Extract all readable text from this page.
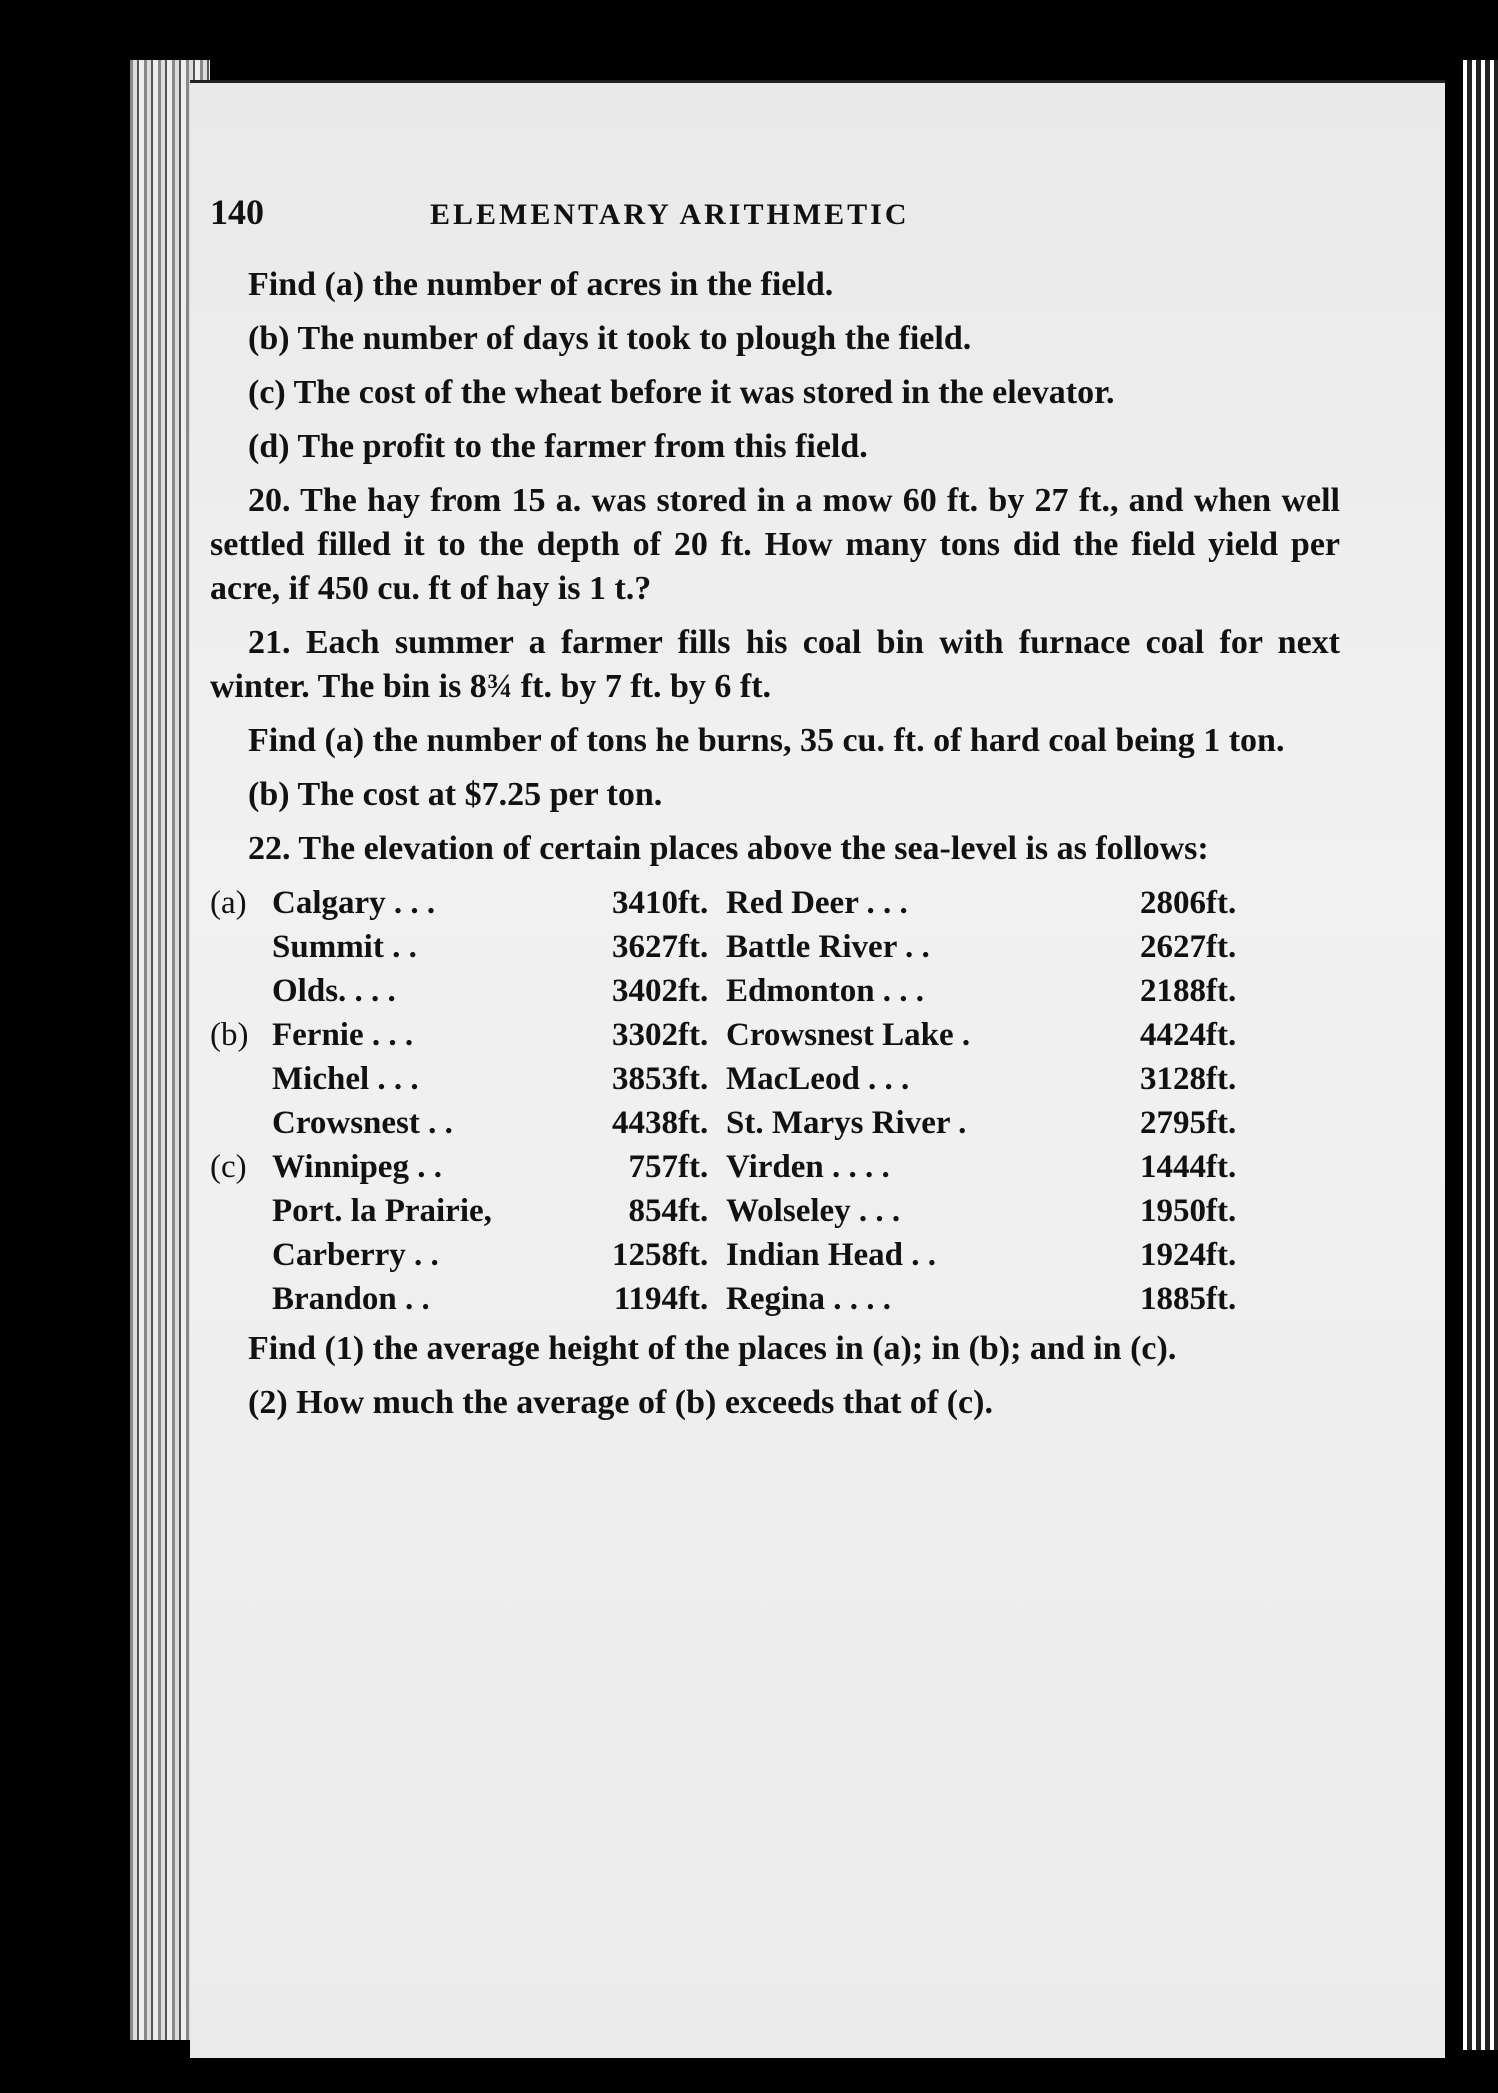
140	ELEMENTARY ARITHMETIC

Find (a) the number of acres in the field.

(b) The number of days it took to plough the field.

(c) The cost of the wheat before it was stored in the elevator.

(d) The profit to the farmer from this field.

20. The hay from 15 a. was stored in a mow 60 ft. by 27 ft., and when well settled filled it to the depth of 20 ft. How many tons did the field yield per acre, if 450 cu. ft of hay is 1 t.?

21. Each summer a farmer fills his coal bin with furnace coal for next winter. The bin is 8¾ ft. by 7 ft. by 6 ft.

Find (a) the number of tons he burns, 35 cu. ft. of hard coal being 1 ton.

(b) The cost at $7.25 per ton.

22. The elevation of certain places above the sea-level is as follows:

(a)	Calgary . . .	3410	ft.	Red Deer . . .	2806	ft.
	Summit . .	3627	ft.	Battle River . .	2627	ft.
	Olds. . . .	3402	ft.	Edmonton . . .	2188	ft.
(b)	Fernie . . .	3302	ft.	Crowsnest Lake .	4424	ft.
	Michel . . .	3853	ft.	MacLeod . . .	3128	ft.
	Crowsnest . .	4438	ft.	St. Marys River .	2795	ft.
(c)	Winnipeg . .	757	ft.	Virden . . . .	1444	ft.
	Port. la Prairie,	854	ft.	Wolseley . . .	1950	ft.
	Carberry . .	1258	ft.	Indian Head . .	1924	ft.
	Brandon . .	1194	ft.	Regina . . . .	1885	ft.

Find (1) the average height of the places in (a); in (b); and in (c).

(2) How much the average of (b) exceeds that of (c).
